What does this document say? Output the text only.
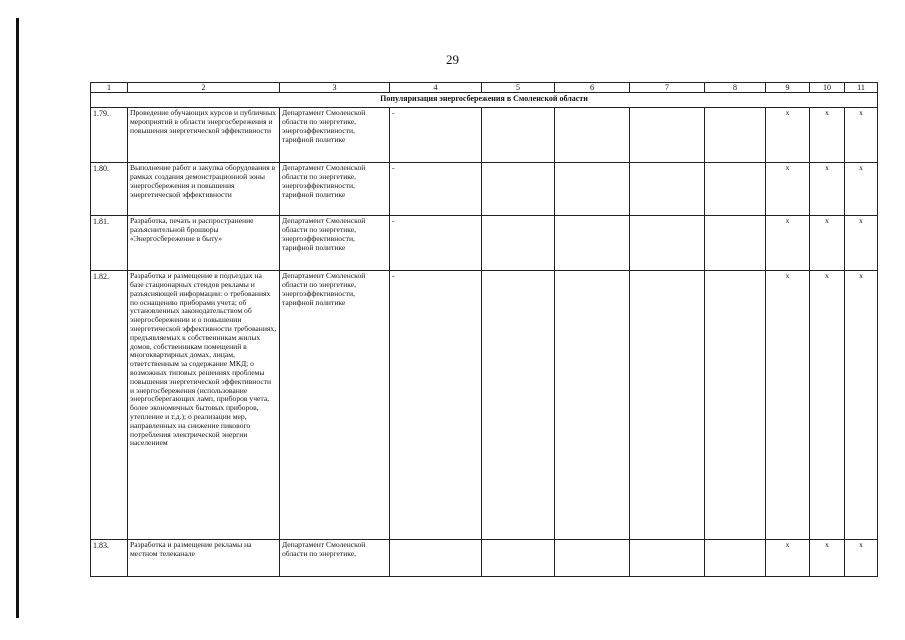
29
1	2	3	4	5	6	7	8	9	10	11
Популяризация энергосбережения в Смоленской области										
1.79.	Проведение обучающих курсов и публичных мероприятий в области энергосбережения и повышения энергетической эффективности	Департамент Смоленской области по энергетике, энергоэффективности, тарифной политике	-					x	x	x
1.80.	Выполнение работ и закупка оборудования в рамках создания демонстрационной зоны энергосбережения и повышения энергетической эффективности	Департамент Смоленской области по энергетике, энергоэффективности, тарифной политике	-					x	x	x
1.81.	Разработка, печать и распространение разъяснительной брошюры «Энергосбережение в быту»	Департамент Смоленской области по энергетике, энергоэффективности, тарифной политике	-					x	x	x
1.82.	Разработка и размещение в подъездах на базе стационарных стендов рекламы и разъясняющей информации: о требованиях по оснащению приборами учета; об установленных законодательством об энергосбережении и о повышении энергетической эффективности требованиях, предъявляемых к собственникам жилых домов, собственникам помещений в многоквартирных домах, лицам, ответственным за содержание МКД; о возможных типовых решениях проблемы повышения энергетической эффективности и энергосбережения (использование энергосберегающих ламп, приборов учета, более экономичных бытовых приборов, утепление и т.д.); о реализации мер, направленных на снижение пикового потребления электрической энергии населением	Департамент Смоленской области по энергетике, энергоэффективности, тарифной политике	-					x	x	x
1.83.	Разработка и размещение рекламы на местном телеканале	Департамент Смоленской области по энергетике,						x	x	x
